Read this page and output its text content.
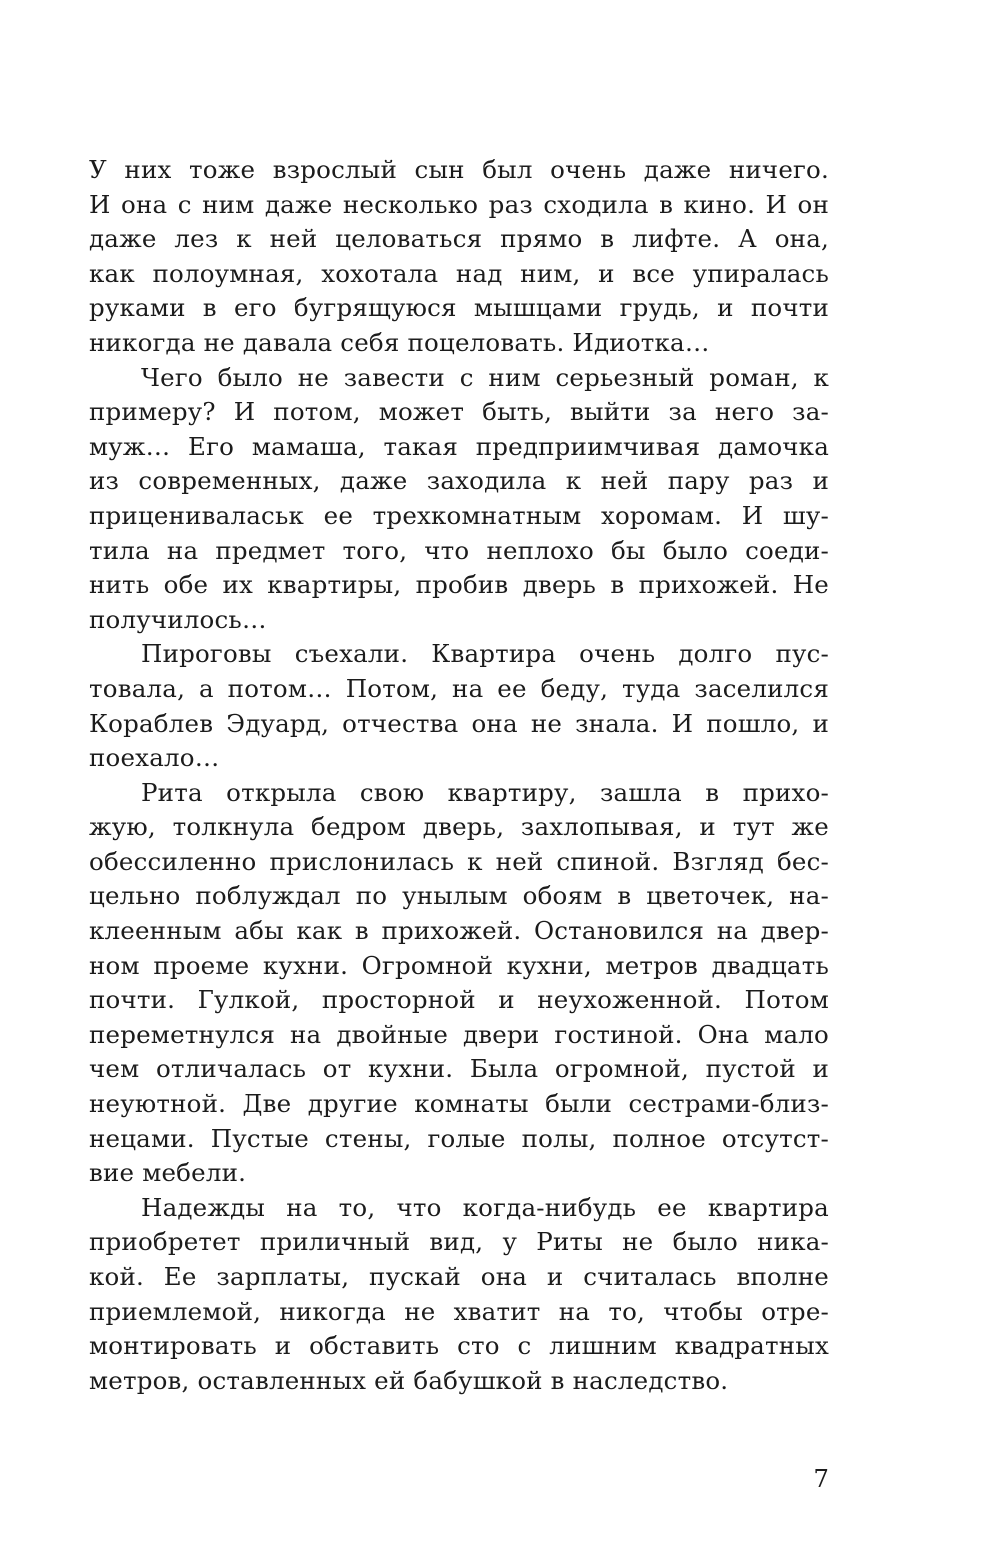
У них тоже взрослый сын был очень даже ничего.
И она с ним даже несколько раз сходила в кино. И он
даже лез к ней целоваться прямо в лифте. А она,
как полоумная, хохотала над ним, и все упиралась
руками в его бугрящуюся мышцами грудь, и почти
никогда не давала себя поцеловать. Идиотка…
Чего было не завести с ним серьезный роман, к
примеру? И потом, может быть, выйти за него за-
муж… Его мамаша, такая предприимчивая дамочка
из современных, даже заходила к ней пару раз и
прицениваласьк ее трехкомнатным хоромам. И шу-
тила на предмет того, что неплохо бы было соеди-
нить обе их квартиры, пробив дверь в прихожей. Не
получилось…
Пироговы съехали. Квартира очень долго пус-
товала, а потом… Потом, на ее беду, туда заселился
Кораблев Эдуард, отчества она не знала. И пошло, и
поехало…
Рита открыла свою квартиру, зашла в прихо-
жую, толкнула бедром дверь, захлопывая, и тут же
обессиленно прислонилась к ней спиной. Взгляд бес-
цельно поблуждал по унылым обоям в цветочек, на-
клеенным абы как в прихожей. Остановился на двер-
ном проеме кухни. Огромной кухни, метров двадцать
почти. Гулкой, просторной и неухоженной. Потом
переметнулся на двойные двери гостиной. Она мало
чем отличалась от кухни. Была огромной, пустой и
неуютной. Две другие комнаты были сестрами-близ-
нецами. Пустые стены, голые полы, полное отсутст-
вие мебели.
Надежды на то, что когда-нибудь ее квартира
приобретет приличный вид, у Риты не было ника-
кой. Ее зарплаты, пускай она и считалась вполне
приемлемой, никогда не хватит на то, чтобы отре-
монтировать и обставить сто с лишним квадратных
метров, оставленных ей бабушкой в наследство.
7
